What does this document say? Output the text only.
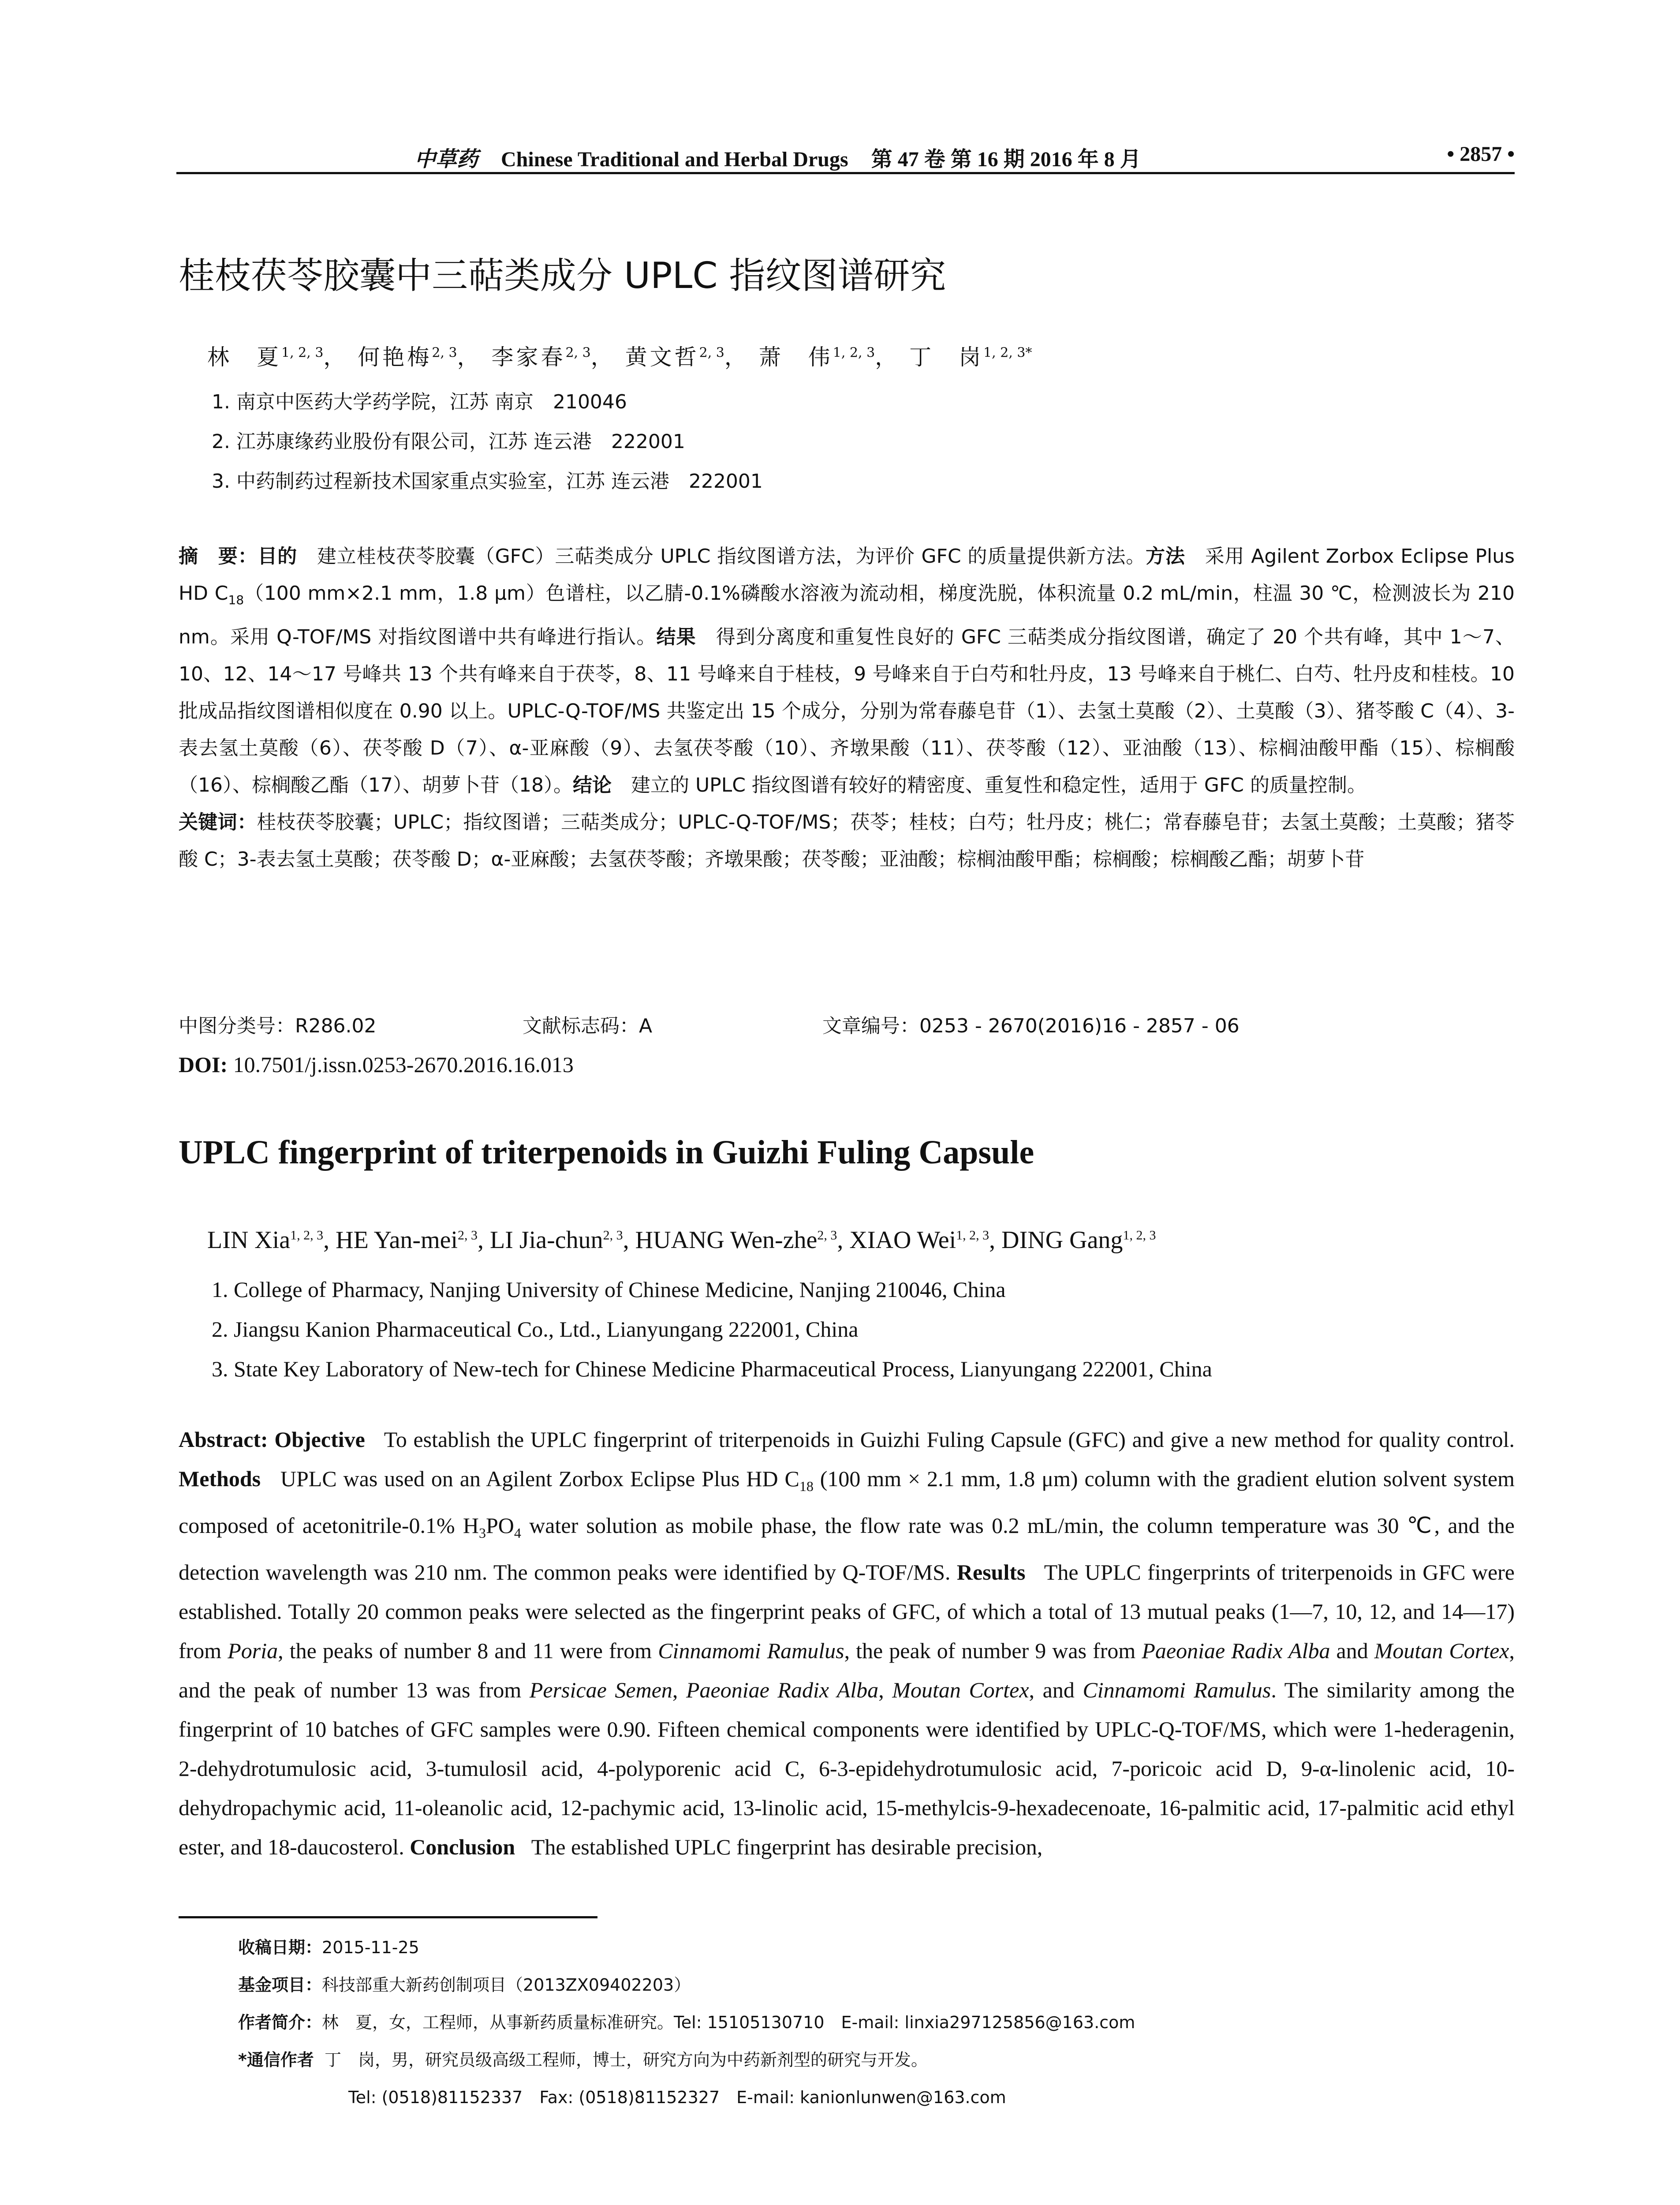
中草药 Chinese Traditional and Herbal Drugs 第 47 卷 第 16 期 2016 年 8 月	• 2857 •
桂枝茯苓胶囊中三萜类成分 UPLC 指纹图谱研究
林　夏$^{1, 2, 3}$， 何艳梅$^{2, 3}$， 李家春$^{2, 3}$， 黄文哲$^{2, 3}$， 萧　伟$^{1, 2, 3}$， 丁　岗$^{1, 2, 3*}$
1. 南京中医药大学药学院，江苏 南京　210046
2. 江苏康缘药业股份有限公司，江苏 连云港　222001
3. 中药制药过程新技术国家重点实验室，江苏 连云港　222001
摘　要：目的　 建立桂枝茯苓胶囊（GFC）三萜类成分 UPLC 指纹图谱方法，为评价 GFC 的质量提供新方法。方法　 采用 Agilent Zorbox Eclipse Plus HD $C_{18}(100$ mm×2.1 mm，1.8 μm）色谱柱，以乙腈-0.1%磷酸水溶液为流动相，梯度洗脱，体积流量 0.2 mL/min，柱温 30 ℃，检测波长为 210 nm。采用 Q-TOF/MS 对指纹图谱中共有峰进行指认。结果　 得到分离度和重复性良好的 GFC 三萜类成分指纹图谱，确定了 20 个共有峰，其中 1～7、10、12、14～17 号峰共 13 个共有峰来自于茯苓，8、11 号峰来自于桂枝，9 号峰来自于白芍和牡丹皮，13 号峰来自于桃仁、白芍、牡丹皮和桂枝。10 批成品指纹图谱相似度在 0.90 以上。UPLC-Q-TOF/MS 共鉴定出 15 个成分，分别为常春藤皂苷（1）、去氢土莫酸（2）、土莫酸（3）、猪苓酸 C（4）、3-表去氢土莫酸（6）、茯苓酸 D（7）、α-亚麻酸（9）、去氢茯苓酸（10）、齐墩果酸（11）、茯苓酸（12）、亚油酸（13）、棕榈油酸甲酯（15）、棕榈酸（16）、棕榈酸乙酯（17）、胡萝卜苷（18）。结论　 建立的 UPLC 指纹图谱有较好的精密度、重复性和稳定性，适用于 GFC 的质量控制。
关键词：桂枝茯苓胶囊；UPLC；指纹图谱；三萜类成分；UPLC-Q-TOF/MS；茯苓；桂枝；白芍；牡丹皮；桃仁；常春藤皂苷；去氢土莫酸；土莫酸；猪苓酸 C；3-表去氢土莫酸；茯苓酸 D；α-亚麻酸；去氢茯苓酸；齐墩果酸；茯苓酸；亚油酸；棕榈油酸甲酯；棕榈酸；棕榈酸乙酯；胡萝卜苷
中图分类号：R286.02	文献标志码：A	文章编号：0253 - 2670(2016)16 - 2857 - 06
DOI: 10.7501/j.issn.0253-2670.2016.16.013
UPLC fingerprint of triterpenoids in Guizhi Fuling Capsule
LIN Xia$^{1, 2, 3}$, HE Yan-mei$^{2, 3}$, LI Jia-chun$^{2, 3}$, HUANG Wen-zhe$^{2, 3}$, XIAO Wei$^{1, 2, 3}$, DING Gang$^{1, 2, 3}$
1. College of Pharmacy, Nanjing University of Chinese Medicine, Nanjing 210046, China
2. Jiangsu Kanion Pharmaceutical Co., Ltd., Lianyungang 222001, China
3. State Key Laboratory of New-tech for Chinese Medicine Pharmaceutical Process, Lianyungang 222001, China
Abstract: Objective To establish the UPLC fingerprint of triterpenoids in Guizhi Fuling Capsule (GFC) and give a new method for quality control. Methods UPLC was used on an Agilent Zorbox Eclipse Plus HD $C_{18}$ (100 mm × 2.1 mm, 1.8 μm) column with the gradient elution solvent system composed of acetonitrile-0.1% $H_3PO_4$ water solution as mobile phase, the flow rate was 0.2 mL/min, the column temperature was 30 ℃, and the detection wavelength was 210 nm. The common peaks were identified by Q-TOF/MS. Results The UPLC fingerprints of triterpenoids in GFC were established. Totally 20 common peaks were selected as the fingerprint peaks of GFC, of which a total of 13 mutual peaks (1—7, 10, 12, and 14—17) from Poria, the peaks of number 8 and 11 were from Cinnamomi Ramulus, the peak of number 9 was from Paeoniae Radix Alba and Moutan Cortex, and the peak of number 13 was from Persicae Semen, Paeoniae Radix Alba, Moutan Cortex, and Cinnamomi Ramulus. The similarity among the fingerprint of 10 batches of GFC samples were 0.90. Fifteen chemical components were identified by UPLC-Q-TOF/MS, which were 1-hederagenin, 2-dehydrotumulosic acid, 3-tumulosil acid, 4-polyporenic acid C, 6-3-epidehydrotumulosic acid, 7-poricoic acid D, 9-α-linolenic acid, 10-dehydropachymic acid, 11-oleanolic acid, 12-pachymic acid, 13-linolic acid, 15-methylcis-9-hexadecenoate, 16-palmitic acid, 17-palmitic acid ethyl ester, and 18-daucosterol. Conclusion The established UPLC fingerprint has desirable precision,
收稿日期：2015-11-25
基金项目：科技部重大新药创制项目（2013ZX09402203）
作者简介：林　夏，女，工程师，从事新药质量标准研究。Tel: 15105130710　E-mail: linxia297125856@163.com
*通信作者 丁　岗，男，研究员级高级工程师，博士，研究方向为中药新剂型的研究与开发。
Tel: (0518)81152337　Fax: (0518)81152327　E-mail: kanionlunwen@163.com
